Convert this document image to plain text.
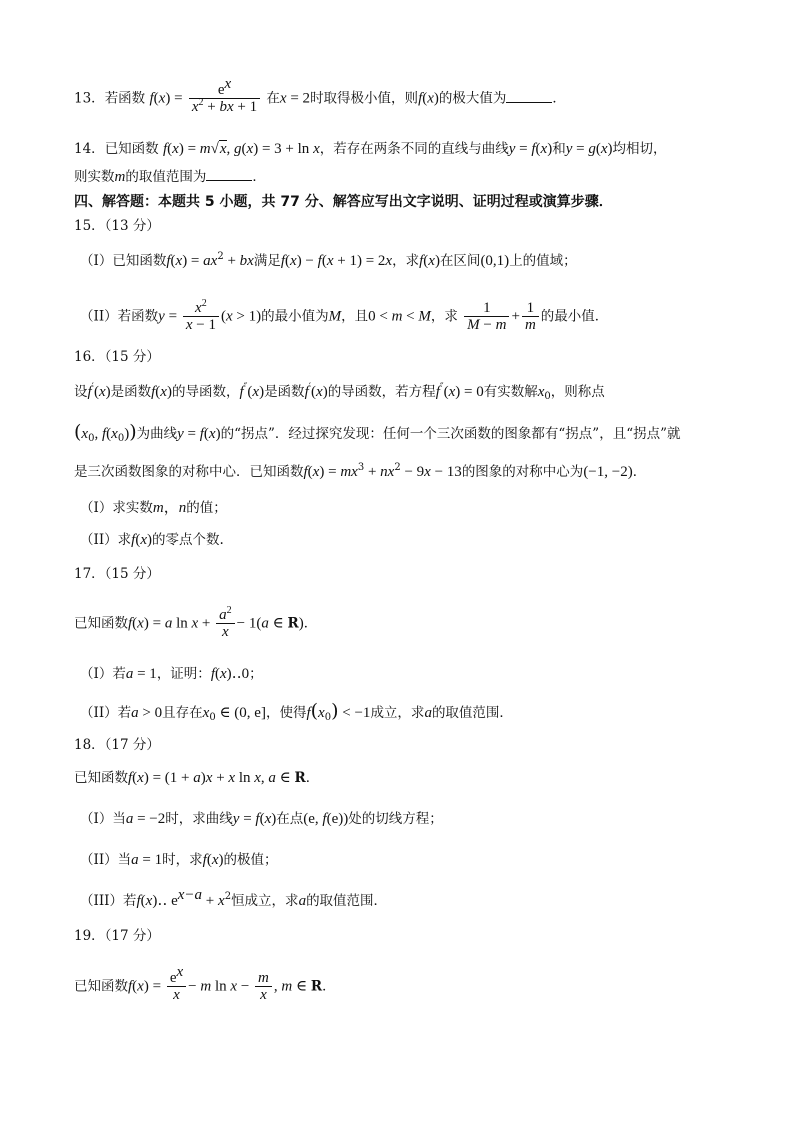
13．若函数 $f(x) = \frac{e^x}{x^2 + bx + 1}$ 在x = 2时取得极小值，则f(x)的极大值为	．
14．已知函数 f(x) = m√x, g(x) = 3 + ln x，若存在两条不同的直线与曲线y = f(x)和y = g(x)均相切，
则实数m的取值范围为	．
四、解答题：本题共 5 小题，共 77 分、解答应写出文字说明、证明过程或演算步骤．
15．（13 分）
（I）已知函数$f(x) = ax^2$ + bx满足f(x) − f(x + 1) = 2x，求f(x)在区间(0,1)上的值域；
（II）若函数$y = \frac{x^2}{x - 1} (x > 1)$的最小值为M，且0 < m < M，求 $\frac{1}{M - m} + \frac{1}{m}$ 的最小值．
16．（15 分）
设f′(x)是函数f(x)的导函数，f″(x)是函数f′(x)的导函数，若方程f″(x) = 0有实数解$x_0$，则称点
($x_0$, $f(x_0)$)为曲线y = f(x)的“拐点”．经过探究发现：任何一个三次函数的图象都有“拐点”，且“拐点”就
是三次函数图象的对称中心．已知函数$f(x) = mx^3 + nx^2 - 9x - 13$的图象的对称中心为(−1, −2)．
（I）求实数m，n的值；
（II）求f(x)的零点个数.
17．（15 分）
已知函数f(x) = a $\ln x + \frac{a^2}{x} - 1(a$ ∈ R)．
（I）若a = 1，证明：f(x)‥0；
（II）若a > 0且存在$x_0$ ∈ (0, e]，使得$f(x_0) < -1$成立，求a的取值范围．
18．（17 分）
已知函数f(x) = (1 + a)x + x ln x, a ∈ R．
（I）当a = −2时，求曲线y = f(x)在点(e, f(e))处的切线方程；
（II）当a = 1时，求f(x)的极值；
（III）若f(x)‥ $e^{x-a} + x^2$恒成立，求a的取值范围．
19．（17 分）
已知函数$f(x) = \frac{e^x}{x} - m$ $\ln x - \frac{m}{x}$ , m ∈ R．
